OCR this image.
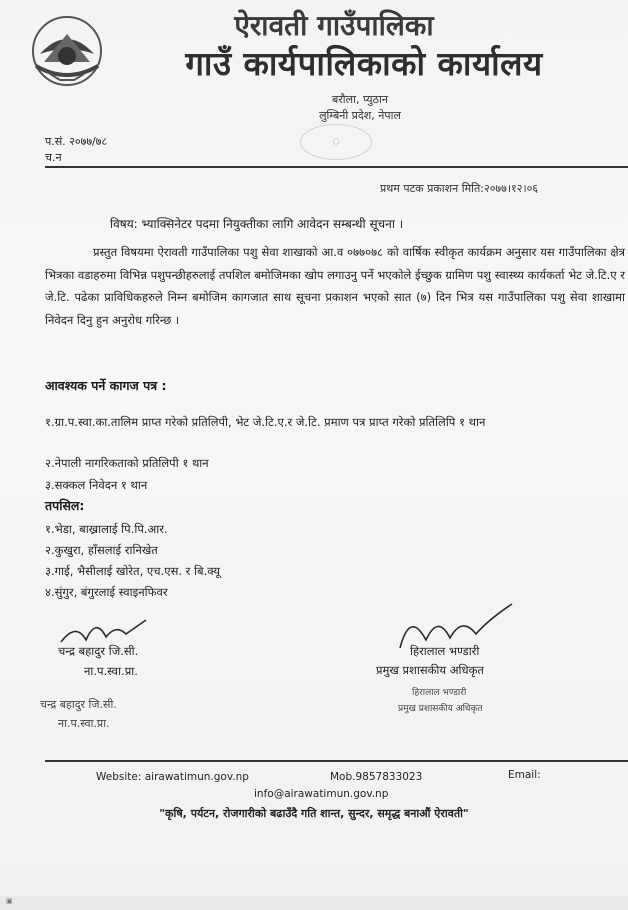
ऐरावती गाउँपालिका
गाउँ कार्यपालिकाको कार्यालय
बरौला, प्युठान
लुम्बिनी प्रदेश, नेपाल
◯
प.सं. २०७७/७८
च.न
प्रथम पटक प्रकाशन मिति:२०७७।१२।०६
विषय: भ्याक्सिनेटर पदमा नियुक्तीका लागि आवेदन सम्बन्धी सूचना ।
प्रस्तुत विषयमा ऐरावती गाउँपालिका पशु सेवा शाखाको आ.व ०७७०७८ को वार्षिक स्वीकृत कार्यक्रम अनुसार यस गाउँपालिका क्षेत्र भित्रका वडाहरुमा विभिन्न पशुपन्छीहरुलाई तपशिल बमोजिमका खोप लगाउनु पर्ने भएकोले ईच्छुक ग्रामिण पशु स्वास्थ्य कार्यकर्ता भेट जे.टि.ए र जे.टि. पढेका प्राविधिकहरुले निम्न बमोजिम कागजात साथ सूचना प्रकाशन भएको सात (७) दिन भित्र यस गाउँपालिका पशु सेवा शाखामा निवेदन दिनु हुन अनुरोध गरिन्छ ।
आवश्यक पर्ने कागज पत्र :
१.ग्रा.प.स्वा.का.तालिम प्राप्त गरेको प्रतिलिपी, भेट जे.टि.ए.र जे.टि. प्रमाण पत्र प्राप्त गरेको प्रतिलिपि १ थान
२.नेपाली नागरिकताको प्रतिलिपी १ थान
३.सक्कल निवेदन १ थान
तपसिल:
१.भेडा, बाख्रालाई पि.पि.आर.
२.कुखुरा, हाँसलाई रानिखेत
३.गाई, भैसीलाई खोरेत, एच.एस. र बि.क्यू
४.सुंगुर, बंगुरलाई स्वाइनफिवर
चन्द्र बहादुर जि.सी.
ना.प.स्वा.प्रा.
चन्द्र बहादुर जि.सी.
ना.प.स्वा.प्रा.
हिरालाल भण्डारी
प्रमुख प्रशासकीय अधिकृत
हिरालाल भण्डारी
प्रमुख प्रशासकीय अधिकृत
Website: airawatimun.gov.np	Mob.9857833023	Email:
info@airawatimun.gov.np
"कृषि, पर्यटन, रोजगारीको बढाउँदै गति शान्त, सुन्दर, समृद्ध बनाऔं ऐरावती"
▣
